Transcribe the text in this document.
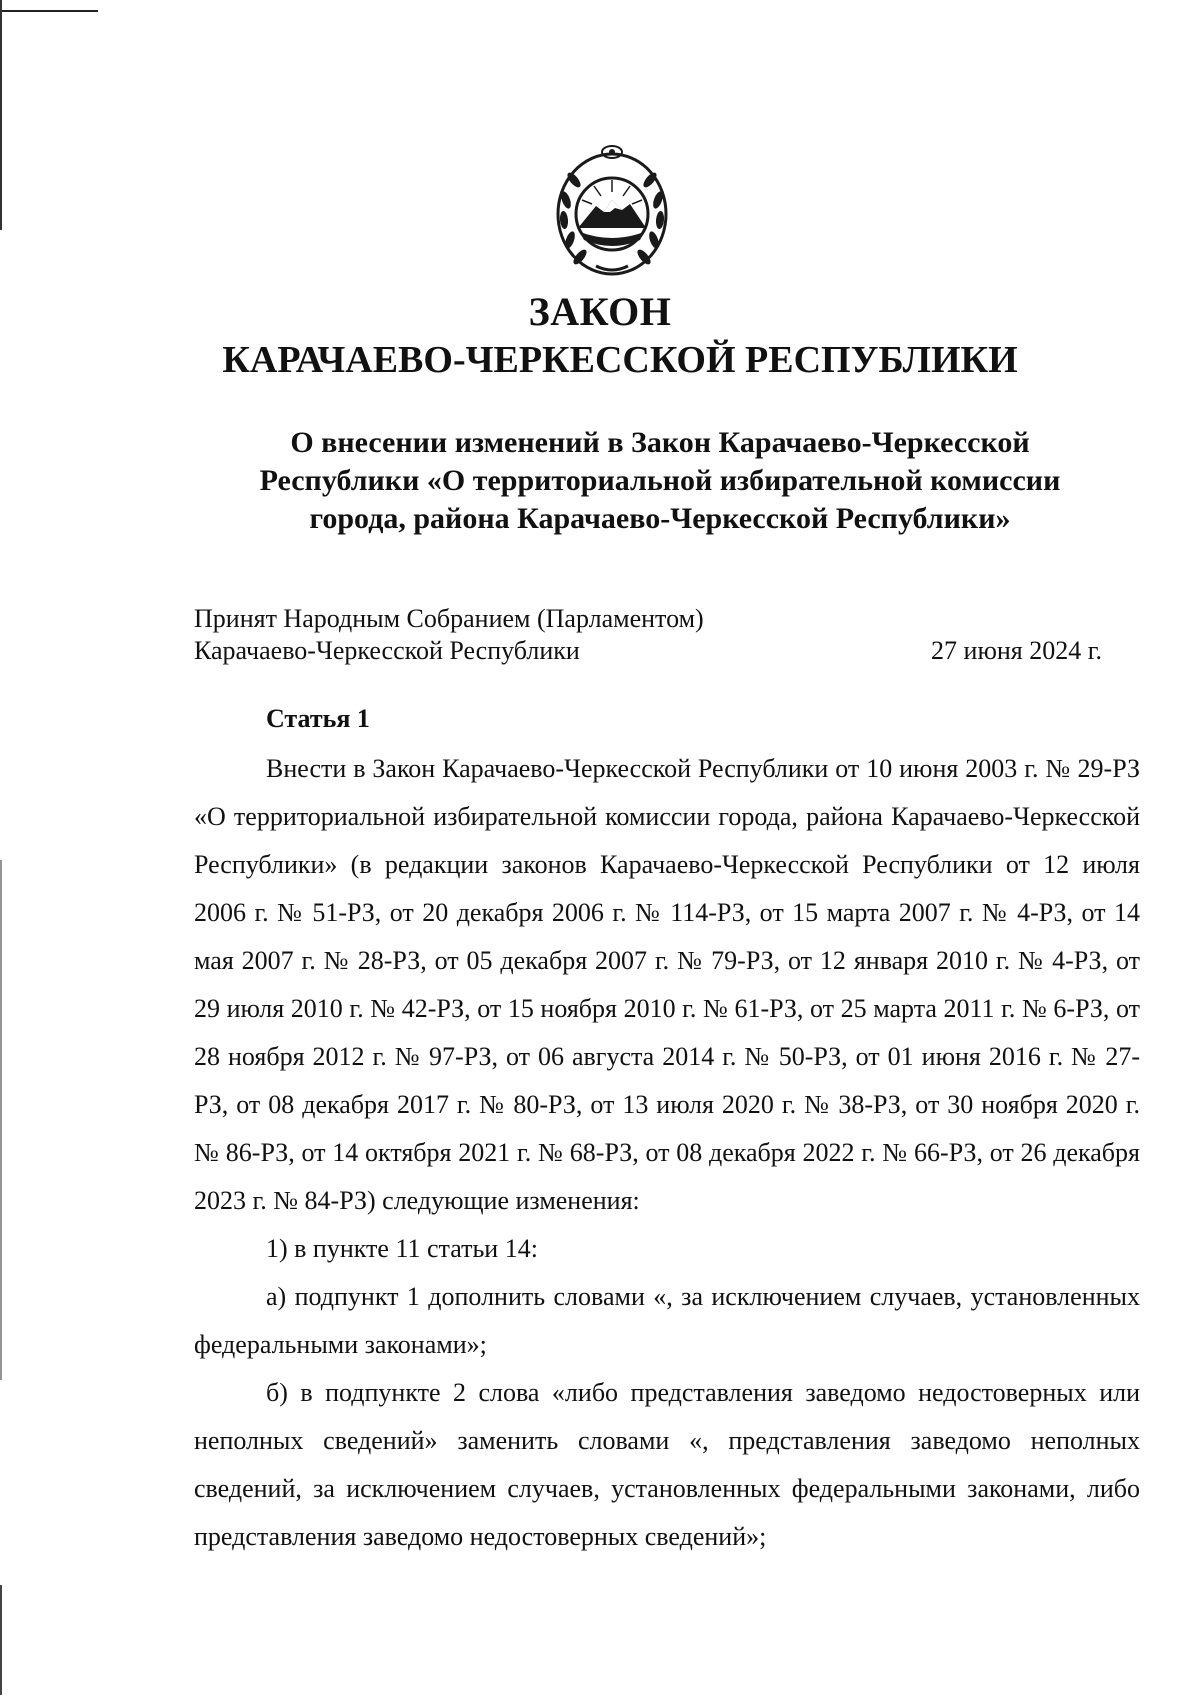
ЗАКОН
КАРАЧАЕВО-ЧЕРКЕССКОЙ РЕСПУБЛИКИ
О внесении изменений в Закон Карачаево-Черкесской
Республики «О территориальной избирательной комиссии
города, района Карачаево-Черкесской Республики»
Принят Народным Собранием (Парламентом)
Карачаево-Черкесской Республики	27 июня 2024 г.
Статья 1

Внести в Закон Карачаево-Черкесской Республики от 10 июня 2003 г. № 29-РЗ «О территориальной избирательной комиссии города, района Карачаево-Черкесской Республики» (в редакции законов Карачаево-Черкесской Республики от 12 июля 2006 г. № 51-РЗ, от 20 декабря 2006 г. № 114-РЗ, от 15 марта 2007 г. № 4-РЗ, от 14 мая 2007 г. № 28-РЗ, от 05 декабря 2007 г. № 79-РЗ, от 12 января 2010 г. № 4-РЗ, от 29 июля 2010 г. № 42-РЗ, от 15 ноября 2010 г. № 61-РЗ, от 25 марта 2011 г. № 6-РЗ, от 28 ноября 2012 г. № 97-РЗ, от 06 августа 2014 г. № 50-РЗ, от 01 июня 2016 г. № 27-РЗ, от 08 декабря 2017 г. № 80-РЗ, от 13 июля 2020 г. № 38-РЗ, от 30 ноября 2020 г. № 86-РЗ, от 14 октября 2021 г. № 68-РЗ, от 08 декабря 2022 г. № 66-РЗ, от 26 декабря 2023 г. № 84-РЗ) следующие изменения:

1) в пункте 11 статьи 14:

а) подпункт 1 дополнить словами «, за исключением случаев, установленных федеральными законами»;

б) в подпункте 2 слова «либо представления заведомо недостоверных или неполных сведений» заменить словами «, представления заведомо неполных сведений, за исключением случаев, установленных федеральными законами, либо представления заведомо недостоверных сведений»;
